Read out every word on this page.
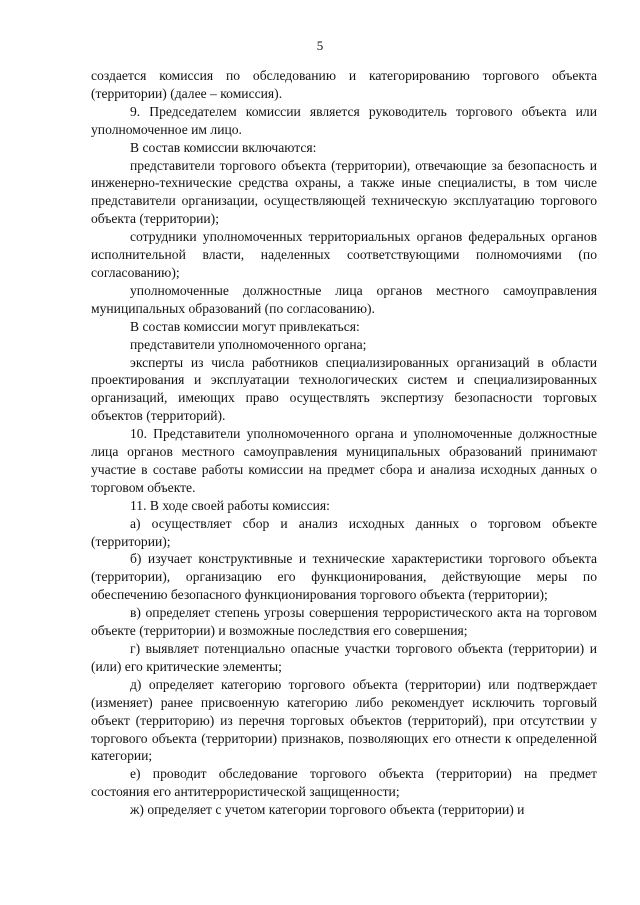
5

создается комиссия по обследованию и категорированию торгового объекта (территории) (далее – комиссия).

9. Председателем комиссии является руководитель торгового объекта или уполномоченное им лицо.

В состав комиссии включаются:

представители торгового объекта (территории), отвечающие за безопасность и инженерно-технические средства охраны, а также иные специалисты, в том числе представители организации, осуществляющей техническую эксплуатацию торгового объекта (территории);

сотрудники уполномоченных территориальных органов федеральных органов исполнительной власти, наделенных соответствующими полномочиями (по согласованию);

уполномоченные должностные лица органов местного самоуправления муниципальных образований (по согласованию).

В состав комиссии могут привлекаться:

представители уполномоченного органа;

эксперты из числа работников специализированных организаций в области проектирования и эксплуатации технологических систем и специализированных организаций, имеющих право осуществлять экспертизу безопасности торговых объектов (территорий).

10. Представители уполномоченного органа и уполномоченные должностные лица органов местного самоуправления муниципальных образований принимают участие в составе работы комиссии на предмет сбора и анализа исходных данных о торговом объекте.

11. В ходе своей работы комиссия:

а) осуществляет сбор и анализ исходных данных о торговом объекте (территории);

б) изучает конструктивные и технические характеристики торгового объекта (территории), организацию его функционирования, действующие меры по обеспечению безопасного функционирования торгового объекта (территории);

в) определяет степень угрозы совершения террористического акта на торговом объекте (территории) и возможные последствия его совершения;

г) выявляет потенциально опасные участки торгового объекта (территории) и (или) его критические элементы;

д) определяет категорию торгового объекта (территории) или подтверждает (изменяет) ранее присвоенную категорию либо рекомендует исключить торговый объект (территорию) из перечня торговых объектов (территорий), при отсутствии у торгового объекта (территории) признаков, позволяющих его отнести к определенной категории;

е) проводит обследование торгового объекта (территории) на предмет состояния его антитеррористической защищенности;

ж) определяет с учетом категории торгового объекта (территории) и
